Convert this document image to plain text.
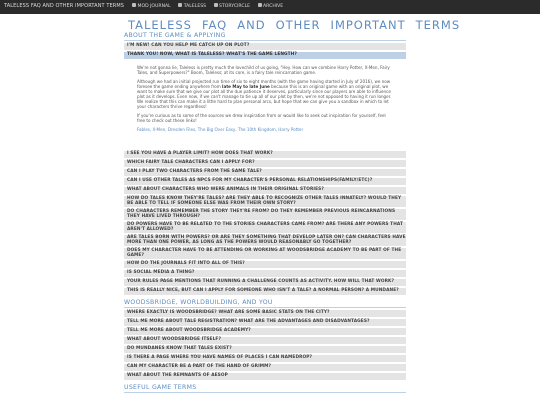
TALELESS FAQ AND OTHER IMPORTANT TERMS	MOD JOURNAL	TALELESS	STORYCIRCLE	ARCHIVE
TALELESS FAQ AND OTHER IMPORTANT TERMS
ABOUT THE GAME & APPLYING
I'M NEW! CAN YOU HELP ME CATCH UP ON PLOT?
THANK YOU! NOW, WHAT IS TALELESS? WHAT'S THE GAME LENGTH?

We're not gonna lie, Taleless is pretty much the lovechild of us going, "Hey. How can we combine Harry Potter, X-Men, Fairy Tales, and Superpowers?" Boom, Taleless; at its core, is a fairy tale reincarnation game.

Although we had an initial projected run time of six to eight months (with the game having started in July of 2016), we now foresee the game ending anywhere from late May to late June because this is an original game with an original plot, we want to make sure that we give our plot all the due patience it deserves, particularly since our players are able to influence plot as it develops. Even now, if we can't manage to tie up all of our plot by then, we're not opposed to having it run longer. We realize that this can make it a little hard to plan personal arcs, but hope that we can give you a sandbox in which to let your characters thrive regardless!

If you're curious as to some of the sources we drew inspiration from or would like to seek out inspiration for yourself, feel free to check out these links!

Fables, X-Men, Dresden Files, The Big Over Easy, The 10th Kingdom, Harry Potter

I SEE YOU HAVE A PLAYER LIMIT? HOW DOES THAT WORK?
WHICH FAIRY TALE CHARACTERS CAN I APPLY FOR?
CAN I PLAY TWO CHARACTERS FROM THE SAME TALE?
CAN I USE OTHER TALES AS NPCS FOR MY CHARACTER'S PERSONAL RELATIONSHIPS(FAMILY/ETC)?
WHAT ABOUT CHARACTERS WHO WERE ANIMALS IN THEIR ORIGINAL STORIES?
HOW DO TALES KNOW THEY'RE TALES? ARE THEY ABLE TO RECOGNIZE OTHER TALES INNATELY? WOULD THEY BE ABLE TO TELL IF SOMEONE ELSE WAS FROM THEIR OWN STORY?
DO CHARACTERS REMEMBER THE STORY THEY'RE FROM? DO THEY REMEMBER PREVIOUS REINCARNATIONS THEY HAVE LIVED THROUGH?
DO POWERS HAVE TO BE RELATED TO THE STORIES CHARACTERS CAME FROM? ARE THERE ANY POWERS THAT AREN'T ALLOWED?
ARE TALES BORN WITH POWERS? OR ARE THEY SOMETHING THAT DEVELOP LATER ON? CAN CHARACTERS HAVE MORE THAN ONE POWER, AS LONG AS THE POWERS WOULD REASONABLY GO TOGETHER?
DOES MY CHARACTER HAVE TO BE ATTENDING OR WORKING AT WOODSBRIDGE ACADEMY TO BE PART OF THE GAME?
HOW DO THE JOURNALS FIT INTO ALL OF THIS?
IS SOCIAL MEDIA A THING?
YOUR RULES PAGE MENTIONS THAT RUNNING A CHALLENGE COUNTS AS ACTIVITY. HOW WILL THAT WORK?
THIS IS REALLY NICE, BUT CAN I APPLY FOR SOMEONE WHO ISN'T A TALE? A NORMAL PERSON? A MUNDANE?
WOODSBRIDGE, WORLDBUILDING, AND YOU
WHERE EXACTLY IS WOODSBRIDGE? WHAT ARE SOME BASIC STATS ON THE CITY?
TELL ME MORE ABOUT TALE REGISTRATION? WHAT ARE THE ADVANTAGES AND DISADVANTAGES?
TELL ME MORE ABOUT WOODSBRIDGE ACADEMY?
WHAT ABOUT WOODSBRIDGE ITSELF?
DO MUNDANES KNOW THAT TALES EXIST?
IS THERE A PAGE WHERE YOU HAVE NAMES OF PLACES I CAN NAMEDROP?
CAN MY CHARACTER BE A PART OF THE HAND OF GRIMM?
WHAT ABOUT THE REMNANTS OF AESOP
USEFUL GAME TERMS
